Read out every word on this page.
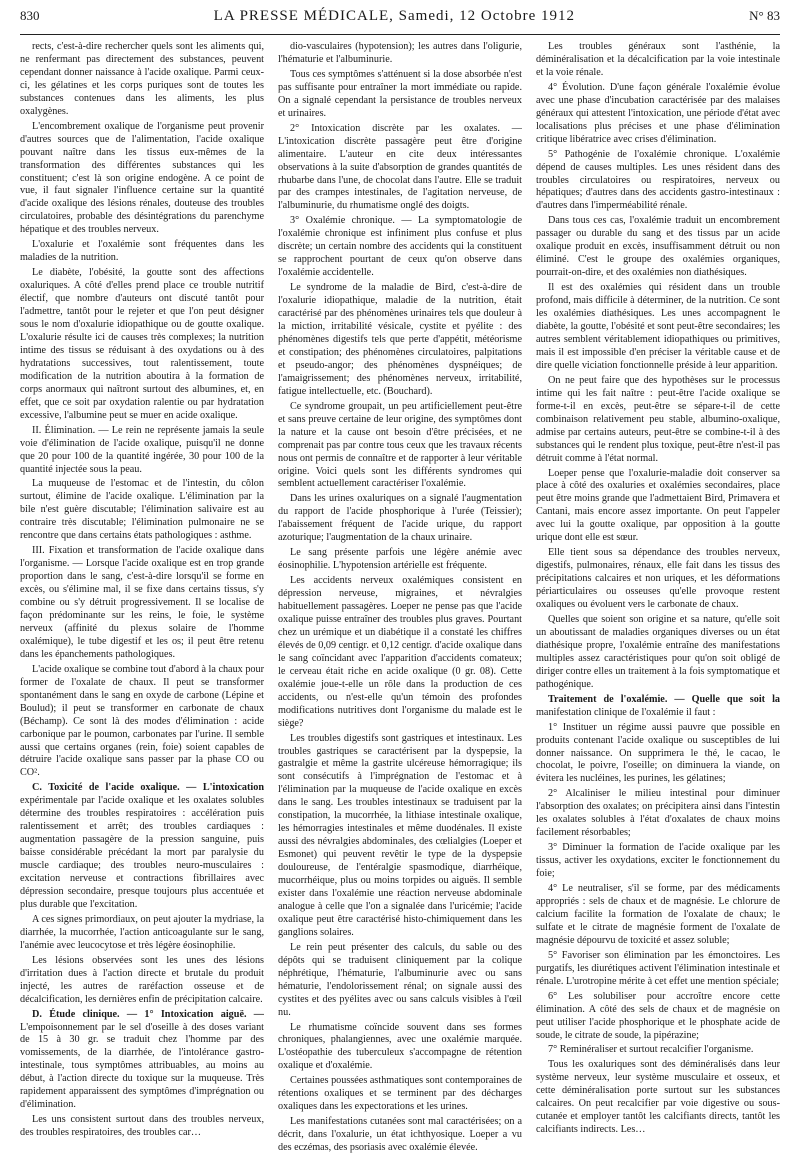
830	LA PRESSE MÉDICALE, Samedi, 12 Octobre 1912	N° 83

rects, c'est-à-dire rechercher quels sont les aliments qui, ne renfermant pas directement des substances, peuvent cependant donner naissance à l'acide oxalique. Parmi ceux-ci, les gélatines et les corps puriques sont de toutes les substances contenues dans les aliments, les plus oxalygènes.

L'encombrement oxalique de l'organisme peut provenir d'autres sources que de l'alimentation, l'acide oxalique pouvant naître dans les tissus eux-mêmes de la transformation des différentes substances qui les constituent; c'est là son origine endogène. A ce point de vue, il faut signaler l'influence certaine sur la quantité d'acide oxalique des lésions rénales, douteuse des troubles circulatoires, probable des désintégrations du parenchyme hépatique et des troubles nerveux.

L'oxalurie et l'oxalémie sont fréquentes dans les maladies de la nutrition.

Le diabète, l'obésité, la goutte sont des affections oxaluriques. A côté d'elles prend place ce trouble nutritif électif, que nombre d'auteurs ont discuté tantôt pour l'admettre, tantôt pour le rejeter et que l'on peut désigner sous le nom d'oxalurie idiopathique ou de goutte oxalique. L'oxalurie résulte ici de causes très complexes; la nutrition intime des tissus se réduisant à des oxydations ou à des hydratations successives, tout ralentissement, toute modification de la nutrition aboutira à la formation de corps anormaux qui naîtront surtout des albumines, et, en effet, que ce soit par oxydation ralentie ou par hydratation excessive, l'albumine peut se muer en acide oxalique.

II. Élimination. — Le rein ne représente jamais la seule voie d'élimination de l'acide oxalique, puisqu'il ne donne que 20 pour 100 de la quantité ingérée, 30 pour 100 de la quantité injectée sous la peau.

La muqueuse de l'estomac et de l'intestin, du côlon surtout, élimine de l'acide oxalique. L'élimination par la bile n'est guère discutable; l'élimination salivaire est au contraire très discutable; l'élimination pulmonaire ne se rencontre que dans certains états pathologiques : asthme.

III. Fixation et transformation de l'acide oxalique dans l'organisme. — Lorsque l'acide oxalique est en trop grande proportion dans le sang, c'est-à-dire lorsqu'il se forme en excès, ou s'élimine mal, il se fixe dans certains tissus, s'y combine ou s'y détruit progressivement. Il se localise de façon prédominante sur les reins, le foie, le système nerveux (affinité du plexus solaire de l'homme oxalémique), le tube digestif et les os; il peut être retenu dans les épanchements pathologiques.

L'acide oxalique se combine tout d'abord à la chaux pour former de l'oxalate de chaux. Il peut se transformer spontanément dans le sang en oxyde de carbone (Lépine et Boulud); il peut se transformer en carbonate de chaux (Béchamp). Ce sont là des modes d'élimination : acide carbonique par le poumon, carbonates par l'urine. Il semble aussi que certains organes (rein, foie) soient capables de détruire l'acide oxalique sans passer par la phase CO ou CO².

C. Toxicité de l'acide oxalique. — L'intoxication expérimentale par l'acide oxalique et les oxalates solubles détermine des troubles respiratoires : accélération puis ralentissement et arrêt; des troubles cardiaques : augmentation passagère de la pression sanguine, puis baisse considérable précédant la mort par paralysie du muscle cardiaque; des troubles neuro-musculaires : excitation nerveuse et contractions fibrillaires avec dépression secondaire, presque toujours plus accentuée et plus durable que l'excitation.

A ces signes primordiaux, on peut ajouter la mydriase, la diarrhée, la mucorrhée, l'action anticoagulante sur le sang, l'anémie avec leucocytose et très légère éosinophilie.

Les lésions observées sont les unes des lésions d'irritation dues à l'action directe et brutale du produit injecté, les autres de raréfaction osseuse et de décalcification, les dernières enfin de précipitation calcaire.

D. Étude clinique. — 1° Intoxication aiguë. — L'empoisonnement par le sel d'oseille à des doses variant de 15 à 30 gr. se traduit chez l'homme par des vomissements, de la diarrhée, de l'intolérance gastro-intestinale, tous symptômes attribuables, au moins au début, à l'action directe du toxique sur la muqueuse. Très rapidement apparaissent des symptômes d'imprégnation ou d'élimination.

Les uns consistent surtout dans des troubles nerveux, des troubles respiratoires, des troubles car…

dio-vasculaires (hypotension); les autres dans l'oligurie, l'hématurie et l'albuminurie.

Tous ces symptômes s'atténuent si la dose absorbée n'est pas suffisante pour entraîner la mort immédiate ou rapide. On a signalé cependant la persistance de troubles nerveux et urinaires.

2° Intoxication discrète par les oxalates. — L'intoxication discrète passagère peut être d'origine alimentaire. L'auteur en cite deux intéressantes observations à la suite d'absorption de grandes quantités de rhubarbe dans l'une, de chocolat dans l'autre. Elle se traduit par des crampes intestinales, de l'agitation nerveuse, de l'albuminurie, du rhumatisme onglé des doigts.

3° Oxalémie chronique. — La symptomatologie de l'oxalémie chronique est infiniment plus confuse et plus discrète; un certain nombre des accidents qui la constituent se rapprochent pourtant de ceux qu'on observe dans l'oxalémie accidentelle.

Le syndrome de la maladie de Bird, c'est-à-dire de l'oxalurie idiopathique, maladie de la nutrition, était caractérisé par des phénomènes urinaires tels que douleur à la miction, irritabilité vésicale, cystite et pyélite : des phénomènes digestifs tels que perte d'appétit, météorisme et constipation; des phénomènes circulatoires, palpitations et pseudo-angor; des phénomènes dyspnéiques; de l'amaigrissement; des phénomènes nerveux, irritabilité, fatigue intellectuelle, etc. (Bouchard).

Ce syndrome groupait, un peu artificiellement peut-être et sans preuve certaine de leur origine, des symptômes dont la nature et la cause ont besoin d'être précisées, et ne comprenait pas par contre tous ceux que les travaux récents nous ont permis de connaître et de rapporter à leur véritable origine. Voici quels sont les différents syndromes qui semblent actuellement caractériser l'oxalémie.

Dans les urines oxaluriques on a signalé l'augmentation du rapport de l'acide phosphorique à l'urée (Teissier); l'abaissement fréquent de l'acide urique, du rapport azoturique; l'augmentation de la chaux urinaire.

Le sang présente parfois une légère anémie avec éosinophilie. L'hypotension artérielle est fréquente.

Les accidents nerveux oxalémiques consistent en dépression nerveuse, migraines, et névralgies habituellement passagères. Loeper ne pense pas que l'acide oxalique puisse entraîner des troubles plus graves. Pourtant chez un urémique et un diabétique il a constaté les chiffres élevés de 0,09 centigr. et 0,12 centigr. d'acide oxalique dans le sang coïncidant avec l'apparition d'accidents comateux; le cerveau était riche en acide oxalique (0 gr. 08). Cette oxalémie joue-t-elle un rôle dans la production de ces accidents, ou n'est-elle qu'un témoin des profondes modifications nutritives dont l'organisme du malade est le siège?

Les troubles digestifs sont gastriques et intestinaux. Les troubles gastriques se caractérisent par la dyspepsie, la gastralgie et même la gastrite ulcéreuse hémorragique; ils sont consécutifs à l'imprégnation de l'estomac et à l'élimination par la muqueuse de l'acide oxalique en excès dans le sang. Les troubles intestinaux se traduisent par la constipation, la mucorrhée, la lithiase intestinale oxalique, les hémorragies intestinales et même duodénales. Il existe aussi des névralgies abdominales, des cœlialgies (Loeper et Esmonet) qui peuvent revêtir le type de la dyspepsie douloureuse, de l'entéralgie spasmodique, diarrhéique, mucorrhéique, plus ou moins torpides ou aiguës. Il semble exister dans l'oxalémie une réaction nerveuse abdominale analogue à celle que l'on a signalée dans l'uricémie; l'acide oxalique peut être caractérisé histo-chimiquement dans les ganglions solaires.

Le rein peut présenter des calculs, du sable ou des dépôts qui se traduisent cliniquement par la colique néphrétique, l'hématurie, l'albuminurie avec ou sans hématurie, l'endolorissement rénal; on signale aussi des cystites et des pyélites avec ou sans calculs visibles à l'œil nu.

Le rhumatisme coïncide souvent dans ses formes chroniques, phalangiennes, avec une oxalémie marquée. L'ostéopathie des tuberculeux s'accompagne de rétention oxalique et d'oxalémie.

Certaines poussées asthmatiques sont contemporaines de rétentions oxaliques et se terminent par des décharges oxaliques dans les expectorations et les urines.

Les manifestations cutanées sont mal caractérisées; on a décrit, dans l'oxalurie, un état ichthyosique. Loeper a vu des eczémas, des psoriasis avec oxalémie élevée.

Les troubles généraux sont l'asthénie, la déminéralisation et la décalcification par la voie intestinale et la voie rénale.

4° Évolution. D'une façon générale l'oxalémie évolue avec une phase d'incubation caractérisée par des malaises généraux qui attestent l'intoxication, une période d'état avec localisations plus précises et une phase d'élimination critique libératrice avec crises d'élimination.

5° Pathogénie de l'oxalémie chronique. L'oxalémie dépend de causes multiples. Les unes résident dans des troubles circulatoires ou respiratoires, nerveux ou hépatiques; d'autres dans des accidents gastro-intestinaux : d'autres dans l'imperméabilité rénale.

Dans tous ces cas, l'oxalémie traduit un encombrement passager ou durable du sang et des tissus par un acide oxalique produit en excès, insuffisamment détruit ou non éliminé. C'est le groupe des oxalémies organiques, pourrait-on-dire, et des oxalémies non diathésiques.

Il est des oxalémies qui résident dans un trouble profond, mais difficile à déterminer, de la nutrition. Ce sont les oxalémies diathésiques. Les unes accompagnent le diabète, la goutte, l'obésité et sont peut-être secondaires; les autres semblent véritablement idiopathiques ou primitives, mais il est impossible d'en préciser la véritable cause et de dire quelle viciation fonctionnelle préside à leur apparition.

On ne peut faire que des hypothèses sur le processus intime qui les fait naître : peut-être l'acide oxalique se forme-t-il en excès, peut-être se sépare-t-il de cette combinaison relativement peu stable, albumino-oxalique, admise par certains auteurs, peut-être se combine-t-il à des substances qui le rendent plus toxique, peut-être n'est-il pas détruit comme à l'état normal.

Loeper pense que l'oxalurie-maladie doit conserver sa place à côté des oxaluries et oxalémies secondaires, place peut être moins grande que l'admettaient Bird, Primavera et Cantani, mais encore assez importante. On peut l'appeler avec lui la goutte oxalique, par opposition à la goutte urique dont elle est sœur.

Elle tient sous sa dépendance des troubles nerveux, digestifs, pulmonaires, rénaux, elle fait dans les tissus des précipitations calcaires et non uriques, et les déformations périarticulaires ou osseuses qu'elle provoque restent oxaliques ou évoluent vers le carbonate de chaux.

Quelles que soient son origine et sa nature, qu'elle soit un aboutissant de maladies organiques diverses ou un état diathésique propre, l'oxalémie entraîne des manifestations multiples assez caractéristiques pour qu'on soit obligé de diriger contre elles un traitement à la fois symptomatique et pathogénique.

Traitement de l'oxalémie. — Quelle que soit la manifestation clinique de l'oxalémie il faut :

1° Instituer un régime aussi pauvre que possible en produits contenant l'acide oxalique ou susceptibles de lui donner naissance. On supprimera le thé, le cacao, le chocolat, le poivre, l'oseille; on diminuera la viande, on évitera les nucléines, les purines, les gélatines;

2° Alcaliniser le milieu intestinal pour diminuer l'absorption des oxalates; on précipitera ainsi dans l'intestin les oxalates solubles à l'état d'oxalates de chaux moins facilement résorbables;

3° Diminuer la formation de l'acide oxalique par les tissus, activer les oxydations, exciter le fonctionnement du foie;

4° Le neutraliser, s'il se forme, par des médicaments appropriés : sels de chaux et de magnésie. Le chlorure de calcium facilite la formation de l'oxalate de chaux; le sulfate et le citrate de magnésie forment de l'oxalate de magnésie dépourvu de toxicité et assez soluble;

5° Favoriser son élimination par les émonctoires. Les purgatifs, les diurétiques activent l'élimination intestinale et rénale. L'urotropine mérite à cet effet une mention spéciale;

6° Les solubiliser pour accroître encore cette élimination. A côté des sels de chaux et de magnésie on peut utiliser l'acide phosphorique et le phosphate acide de soude, le citrate de soude, la pipérazine;

7° Reminéraliser et surtout recalcifier l'organisme.

Tous les oxaluriques sont des déminéralisés dans leur système nerveux, leur système musculaire et osseux, et cette déminéralisation porte surtout sur les substances calcaires. On peut recalcifier par voie digestive ou sous-cutanée et employer tantôt les calcifiants directs, tantôt les calcifiants indirects. Les…
